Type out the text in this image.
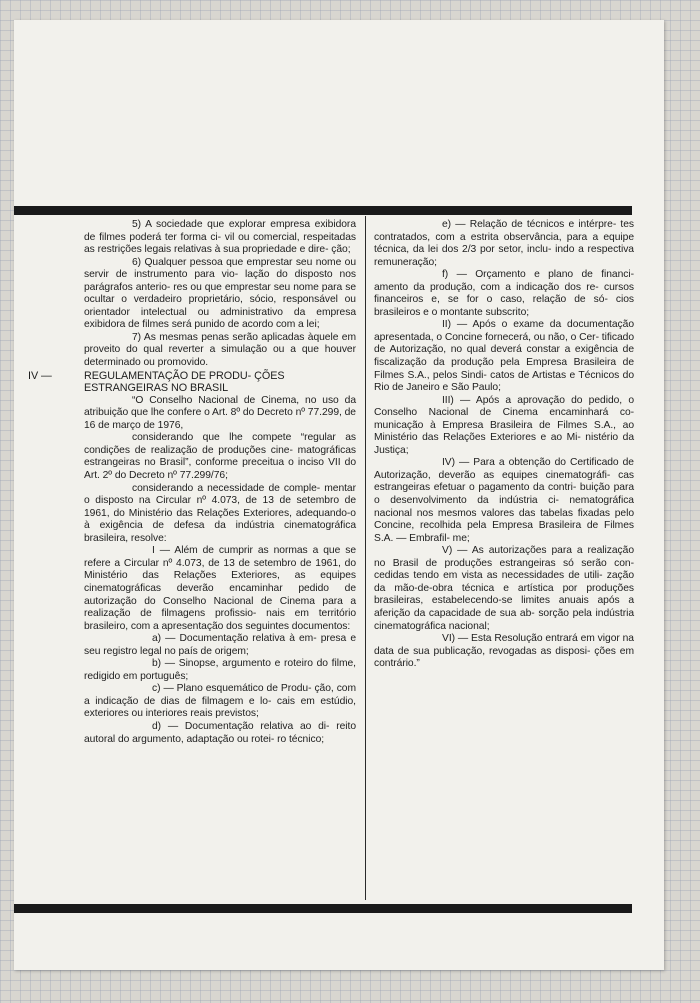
5) A sociedade que explorar empresa exibidora de filmes poderá ter forma ci- vil ou comercial, respeitadas as restrições legais relativas à sua propriedade e dire- ção;

6) Qualquer pessoa que emprestar seu nome ou servir de instrumento para vio- lação do disposto nos parágrafos anterio- res ou que emprestar seu nome para se ocultar o verdadeiro proprietário, sócio, responsável ou orientador intelectual ou administrativo da empresa exibidora de filmes será punido de acordo com a lei;

7) As mesmas penas serão aplicadas àquele em proveito do qual reverter a simulação ou a que houver determinado ou promovido.

IV —	REGULAMENTAÇÃO DE PRODU- ÇÕES ESTRANGEIRAS NO BRASIL

“O Conselho Nacional de Cinema, no uso da atribuição que lhe confere o Art. 8º do Decreto nº 77.299, de 16 de março de 1976,

considerando que lhe compete “regular as condições de realização de produções cine- matográficas estrangeiras no Brasil”, conforme preceitua o inciso VII do Art. 2º do Decreto nº 77.299/76;

considerando a necessidade de comple- mentar o disposto na Circular nº 4.073, de 13 de setembro de 1961, do Ministério das Relações Exteriores, adequando-o à exigência de defesa da indústria cinematográfica brasileira, resolve:

I — Além de cumprir as normas a que se refere a Circular nº 4.073, de 13 de setembro de 1961, do Ministério das Relações Exteriores, as equipes cinematográficas deverão encaminhar pedido de autorização do Conselho Nacional de Cinema para a realização de filmagens profissio- nais em território brasileiro, com a apresentação dos seguintes documentos:

a) — Documentação relativa à em- presa e seu registro legal no país de origem;

b) — Sinopse, argumento e roteiro do filme, redigido em português;

c) — Plano esquemático de Produ- ção, com a indicação de dias de filmagem e lo- cais em estúdio, exteriores ou interiores reais previstos;

d) — Documentação relativa ao di- reito autoral do argumento, adaptação ou rotei- ro técnico;

e) — Relação de técnicos e intérpre- tes contratados, com a estrita observância, para a equipe técnica, da lei dos 2/3 por setor, inclu- indo a respectiva remuneração;

f) — Orçamento e plano de financi- amento da produção, com a indicação dos re- cursos financeiros e, se for o caso, relação de só- cios brasileiros e o montante subscrito;

II) — Após o exame da documentação apresentada, o Concine fornecerá, ou não, o Cer- tificado de Autorização, no qual deverá constar a exigência de fiscalização da produção pela Empresa Brasileira de Filmes S.A., pelos Sindi- catos de Artistas e Técnicos do Rio de Janeiro e São Paulo;

III) — Após a aprovação do pedido, o Conselho Nacional de Cinema encaminhará co- municação à Empresa Brasileira de Filmes S.A., ao Ministério das Relações Exteriores e ao Mi- nistério da Justiça;

IV) — Para a obtenção do Certificado de Autorização, deverão as equipes cinematográfi- cas estrangeiras efetuar o pagamento da contri- buição para o desenvolvimento da indústria ci- nematográfica nacional nos mesmos valores das tabelas fixadas pelo Concine, recolhida pela Empresa Brasileira de Filmes S.A. — Embrafil- me;

V) — As autorizações para a realização no Brasil de produções estrangeiras só serão con- cedidas tendo em vista as necessidades de utili- zação da mão-de-obra técnica e artística por produções brasileiras, estabelecendo-se limites anuais após a aferição da capacidade de sua ab- sorção pela indústria cinematográfica nacional;

VI) — Esta Resolução entrará em vigor na data de sua publicação, revogadas as disposi- ções em contrário.”
